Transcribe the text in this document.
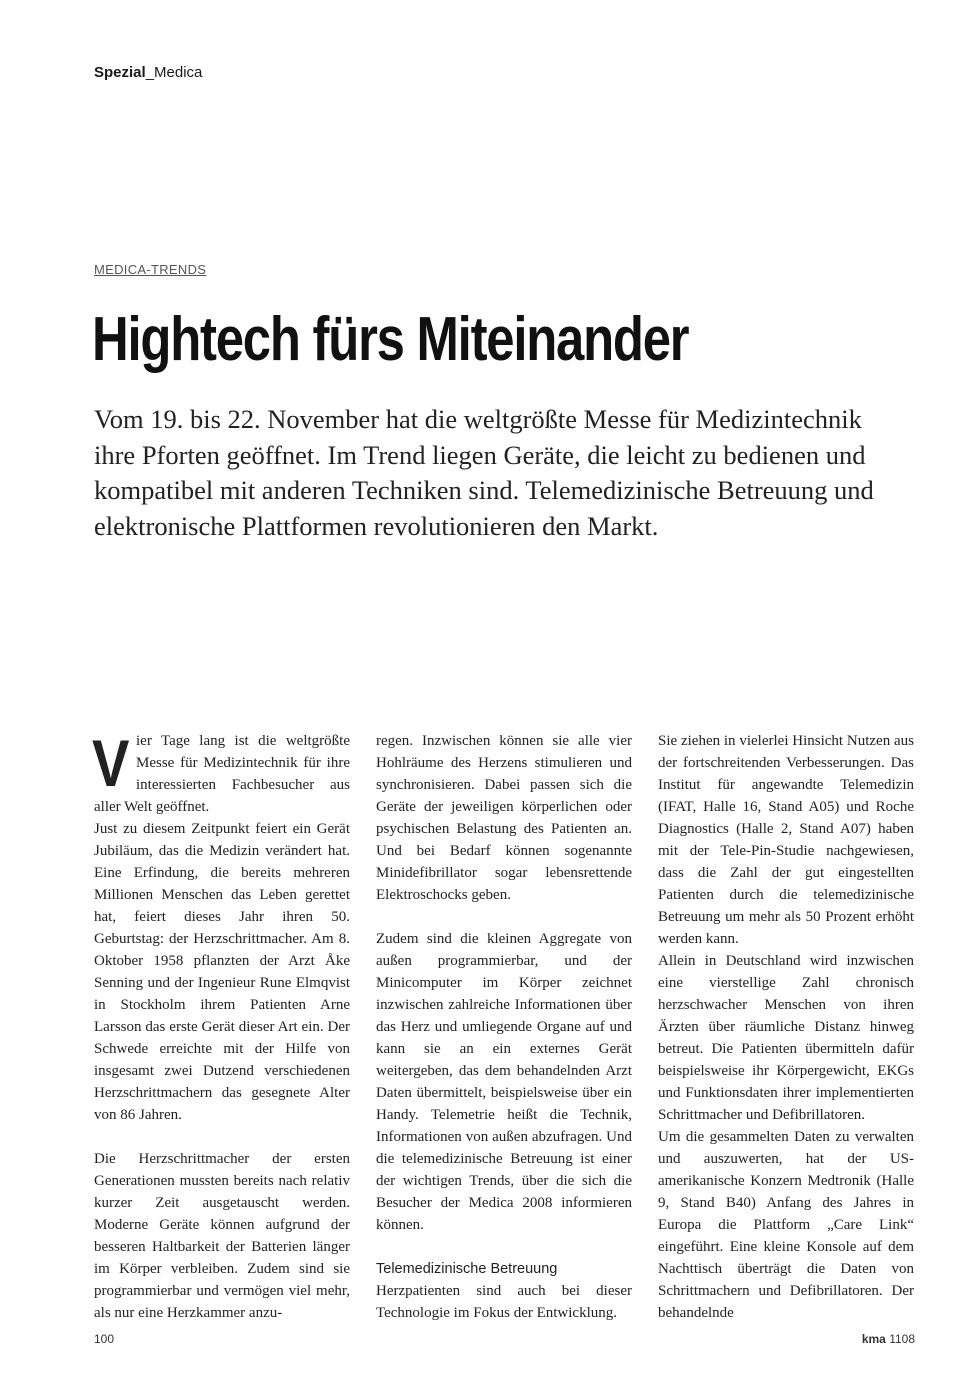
Spezial_Medica
MEDICA-TRENDS
Hightech fürs Miteinander

Vom 19. bis 22. November hat die weltgrößte Messe für Medizintechnik ihre Pforten geöffnet. Im Trend liegen Geräte, die leicht zu bedienen und kompatibel mit anderen Techniken sind. Telemedizinische Betreuung und elektronische Plattformen revolutionieren den Markt.

V ier Tage lang ist die weltgrößte Messe für Medizintechnik für ihre interessierten Fachbesucher aus aller Welt geöffnet.

Just zu diesem Zeitpunkt feiert ein Gerät Jubiläum, das die Medizin verändert hat. Eine Erfindung, die bereits mehreren Millionen Menschen das Leben gerettet hat, feiert dieses Jahr ihren 50. Geburtstag: der Herzschrittmacher. Am 8. Oktober 1958 pflanzten der Arzt Åke Senning und der Ingenieur Rune Elmqvist in Stockholm ihrem Patienten Arne Larsson das erste Gerät dieser Art ein. Der Schwede erreichte mit der Hilfe von insgesamt zwei Dutzend verschiedenen Herzschrittmachern das gesegnete Alter von 86 Jahren.

Die Herzschrittmacher der ersten Generationen mussten bereits nach relativ kurzer Zeit ausgetauscht werden. Moderne Geräte können aufgrund der besseren Haltbarkeit der Batterien länger im Körper verbleiben. Zudem sind sie programmierbar und vermögen viel mehr, als nur eine Herzkammer anzu-

regen. Inzwischen können sie alle vier Hohlräume des Herzens stimulieren und synchronisieren. Dabei passen sich die Geräte der jeweiligen körperlichen oder psychischen Belastung des Patienten an. Und bei Bedarf können sogenannte Minidefibrillator sogar lebensrettende Elektroschocks geben.

Zudem sind die kleinen Aggregate von außen programmierbar, und der Minicomputer im Körper zeichnet inzwischen zahlreiche Informationen über das Herz und umliegende Organe auf und kann sie an ein externes Gerät weitergeben, das dem behandelnden Arzt Daten übermittelt, beispielsweise über ein Handy. Telemetrie heißt die Technik, Informationen von außen abzufragen. Und die telemedizinische Betreuung ist einer der wichtigen Trends, über die sich die Besucher der Medica 2008 informieren können.

Telemedizinische Betreuung

Herzpatienten sind auch bei dieser Technologie im Fokus der Entwicklung.

Sie ziehen in vielerlei Hinsicht Nutzen aus der fortschreitenden Verbesserungen. Das Institut für angewandte Telemedizin (IFAT, Halle 16, Stand A05) und Roche Diagnostics (Halle 2, Stand A07) haben mit der Tele-Pin-Studie nachgewiesen, dass die Zahl der gut eingestellten Patienten durch die telemedizinische Betreuung um mehr als 50 Prozent erhöht werden kann.

Allein in Deutschland wird inzwischen eine vierstellige Zahl chronisch herzschwacher Menschen von ihren Ärzten über räumliche Distanz hinweg betreut. Die Patienten übermitteln dafür beispielsweise ihr Körpergewicht, EKGs und Funktionsdaten ihrer implementierten Schrittmacher und Defibrillatoren.

Um die gesammelten Daten zu verwalten und auszuwerten, hat der US-amerikanische Konzern Medtronik (Halle 9, Stand B40) Anfang des Jahres in Europa die Plattform „Care Link“ eingeführt. Eine kleine Konsole auf dem Nachttisch überträgt die Daten von Schrittmachern und Defibrillatoren. Der behandelnde

100	kma 1108
